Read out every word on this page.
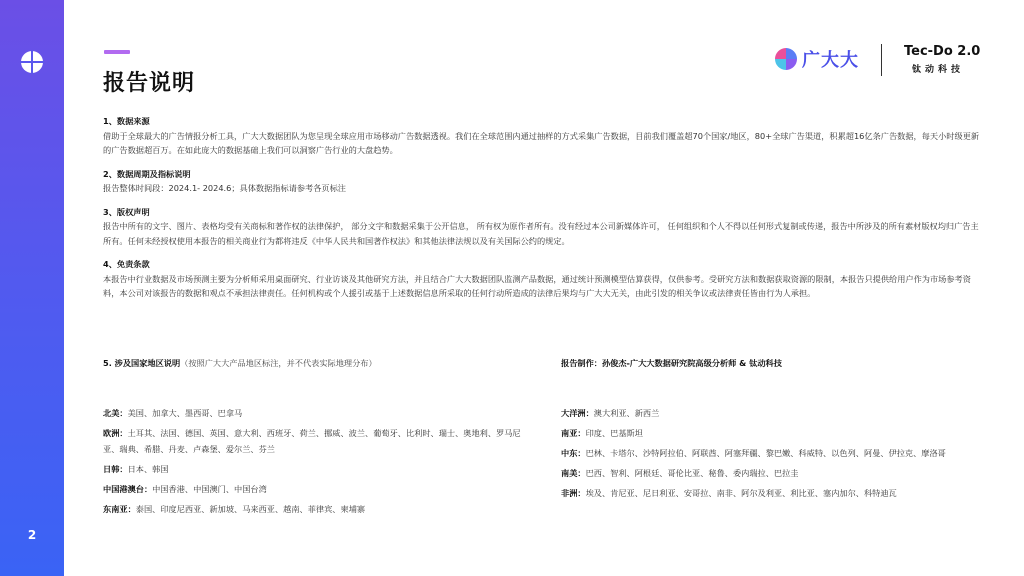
2
报告说明
广大大	Tec-Do 2.0
钛动科技

1、数据来源

借助于全球最大的广告情报分析工具，广大大数据团队为您呈现全球应用市场移动广告数据透视。我们在全球范围内通过抽样的方式采集广告数据，目前我们覆盖超70个国家/地区，80+全球广告渠道，积累超16亿条广告数据，每天小时级更新的广告数据超百万。在如此庞大的数据基础上我们可以洞察广告行业的大盘趋势。

2、数据周期及指标说明

报告整体时间段：2024.1- 2024.6；具体数据指标请参考各页标注

3、版权声明

报告中所有的文字、图片、表格均受有关商标和著作权的法律保护， 部分文字和数据采集于公开信息， 所有权为原作者所有。没有经过本公司新媒体许可， 任何组织和个人不得以任何形式复制或传递，报告中所涉及的所有素材版权均归广告主所有。任何未经授权使用本报告的相关商业行为都将违反《中华人民共和国著作权法》和其他法律法规以及有关国际公约的规定。

4、免责条款

本报告中行业数据及市场预测主要为分析师采用桌面研究、行业访谈及其他研究方法，并且结合广大大数据团队监测产品数据，通过统计预测模型估算获得，仅供参考。受研究方法和数据获取资源的限制，本报告只提供给用户作为市场参考资料，本公司对该报告的数据和观点不承担法律责任。任何机构或个人援引或基于上述数据信息所采取的任何行动所造成的法律后果均与广大大无关，由此引发的相关争议或法律责任皆由行为人承担。

5. 涉及国家地区说明（按照广大大产品地区标注，并不代表实际地理分布）
北美：美国、加拿大、墨西哥、巴拿马
欧洲：土耳其、法国、德国、英国、意大利、西班牙、荷兰、挪威、波兰、葡萄牙、比利时、瑞士、奥地利、罗马尼亚、瑞典、希腊、丹麦、卢森堡、爱尔兰、芬兰
日韩：日本、韩国
中国港澳台：中国香港、中国澳门、中国台湾
东南亚：泰国、印度尼西亚、新加坡、马来西亚、越南、菲律宾、柬埔寨
报告制作：孙俊杰-广大大数据研究院高级分析师 & 钛动科技
大洋洲：澳大利亚、新西兰
南亚：印度、巴基斯坦
中东：巴林、卡塔尔、沙特阿拉伯、阿联酋、阿塞拜疆、黎巴嫩、科威特、以色列、阿曼、伊拉克、摩洛哥
南美：巴西、智利、阿根廷、哥伦比亚、秘鲁、委内瑞拉、巴拉圭
非洲：埃及、肯尼亚、尼日利亚、安哥拉、南非、阿尔及利亚、利比亚、塞内加尔、科特迪瓦
